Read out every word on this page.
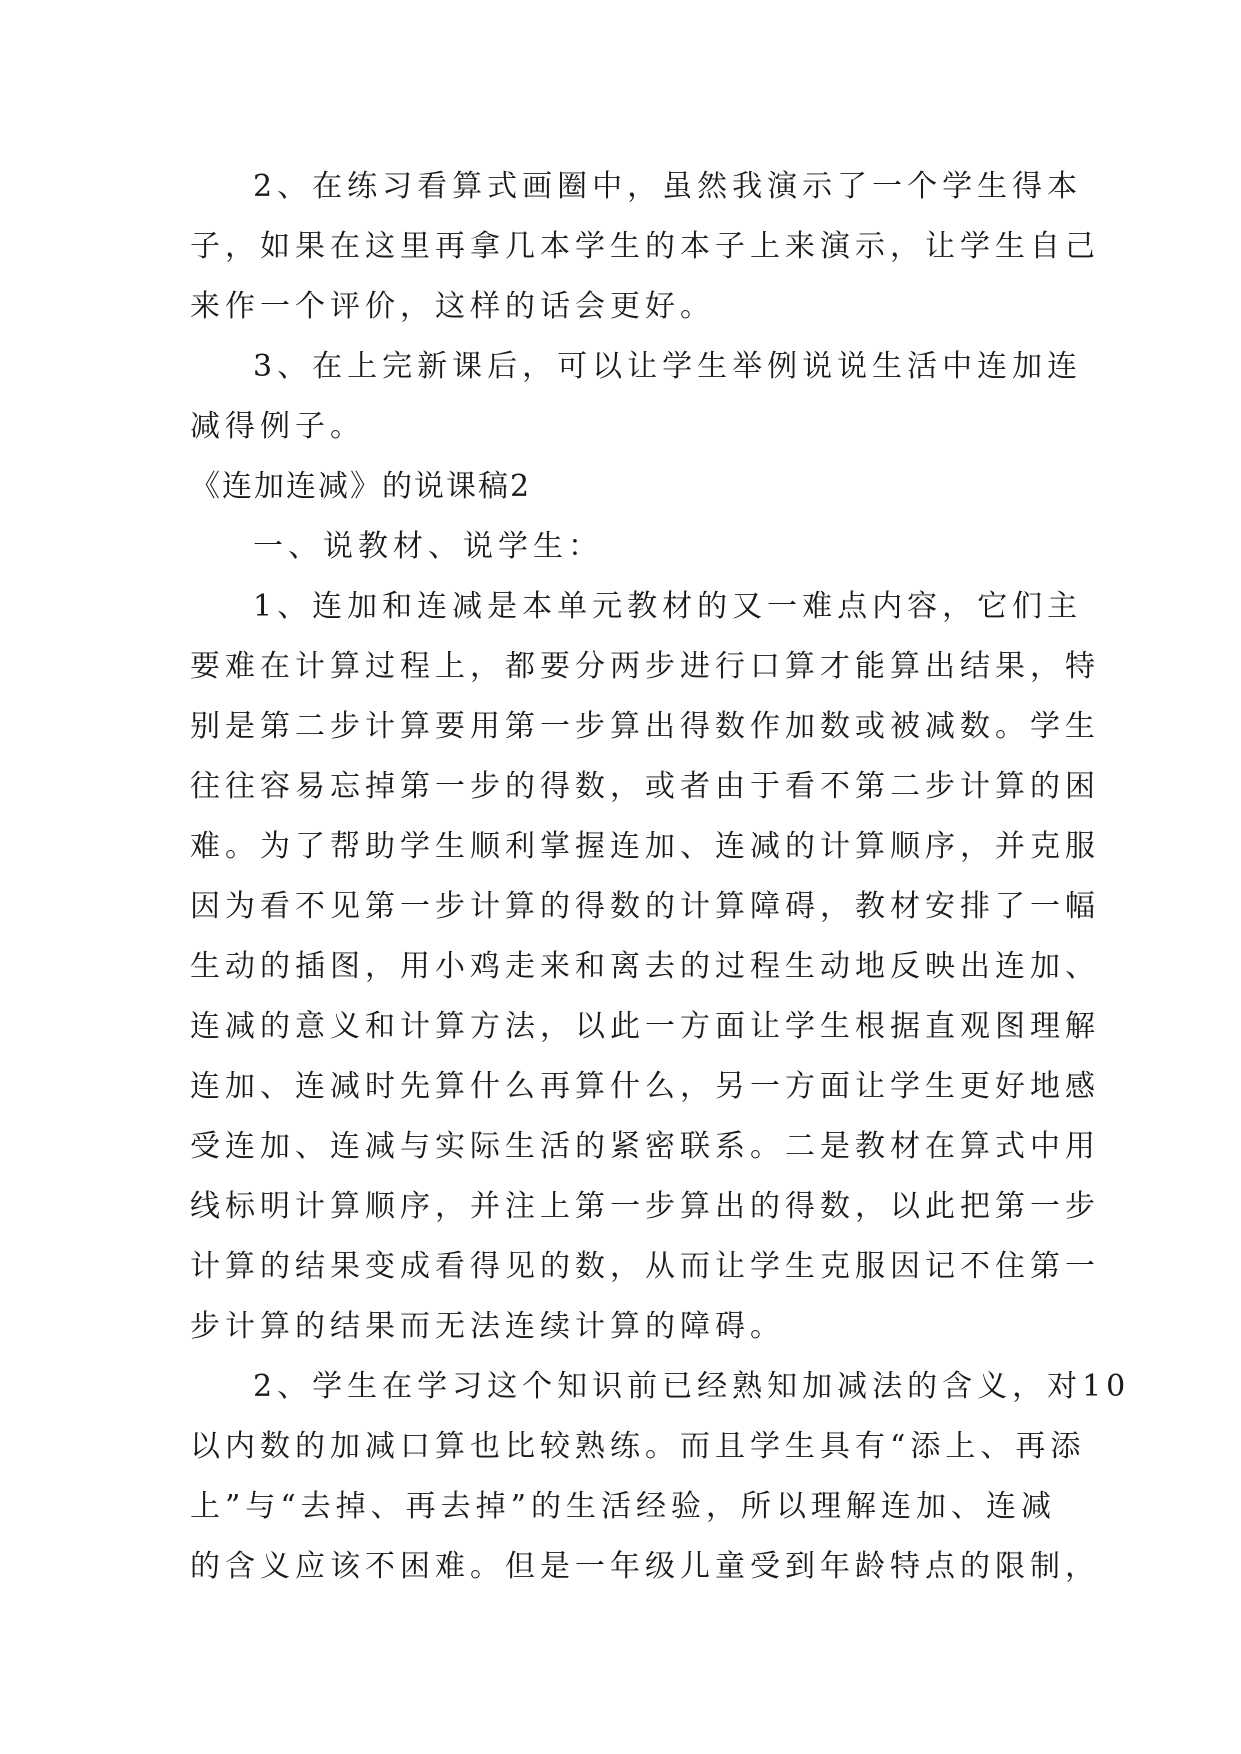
2、在练习看算式画圈中，虽然我演示了一个学生得本
子，如果在这里再拿几本学生的本子上来演示，让学生自己
来作一个评价，这样的话会更好。
3、在上完新课后，可以让学生举例说说生活中连加连
减得例子。
《连加连减》的说课稿2
一、说教材、说学生：
1、连加和连减是本单元教材的又一难点内容，它们主
要难在计算过程上，都要分两步进行口算才能算出结果，特
别是第二步计算要用第一步算出得数作加数或被减数。学生
往往容易忘掉第一步的得数，或者由于看不第二步计算的困
难。为了帮助学生顺利掌握连加、连减的计算顺序，并克服
因为看不见第一步计算的得数的计算障碍，教材安排了一幅
生动的插图，用小鸡走来和离去的过程生动地反映出连加、
连减的意义和计算方法，以此一方面让学生根据直观图理解
连加、连减时先算什么再算什么，另一方面让学生更好地感
受连加、连减与实际生活的紧密联系。二是教材在算式中用
线标明计算顺序，并注上第一步算出的得数，以此把第一步
计算的结果变成看得见的数，从而让学生克服因记不住第一
步计算的结果而无法连续计算的障碍。
2、学生在学习这个知识前已经熟知加减法的含义，对10
以内数的加减口算也比较熟练。而且学生具有“添上、再添
上”与“去掉、再去掉”的生活经验，所以理解连加、连减
的含义应该不困难。但是一年级儿童受到年龄特点的限制，
